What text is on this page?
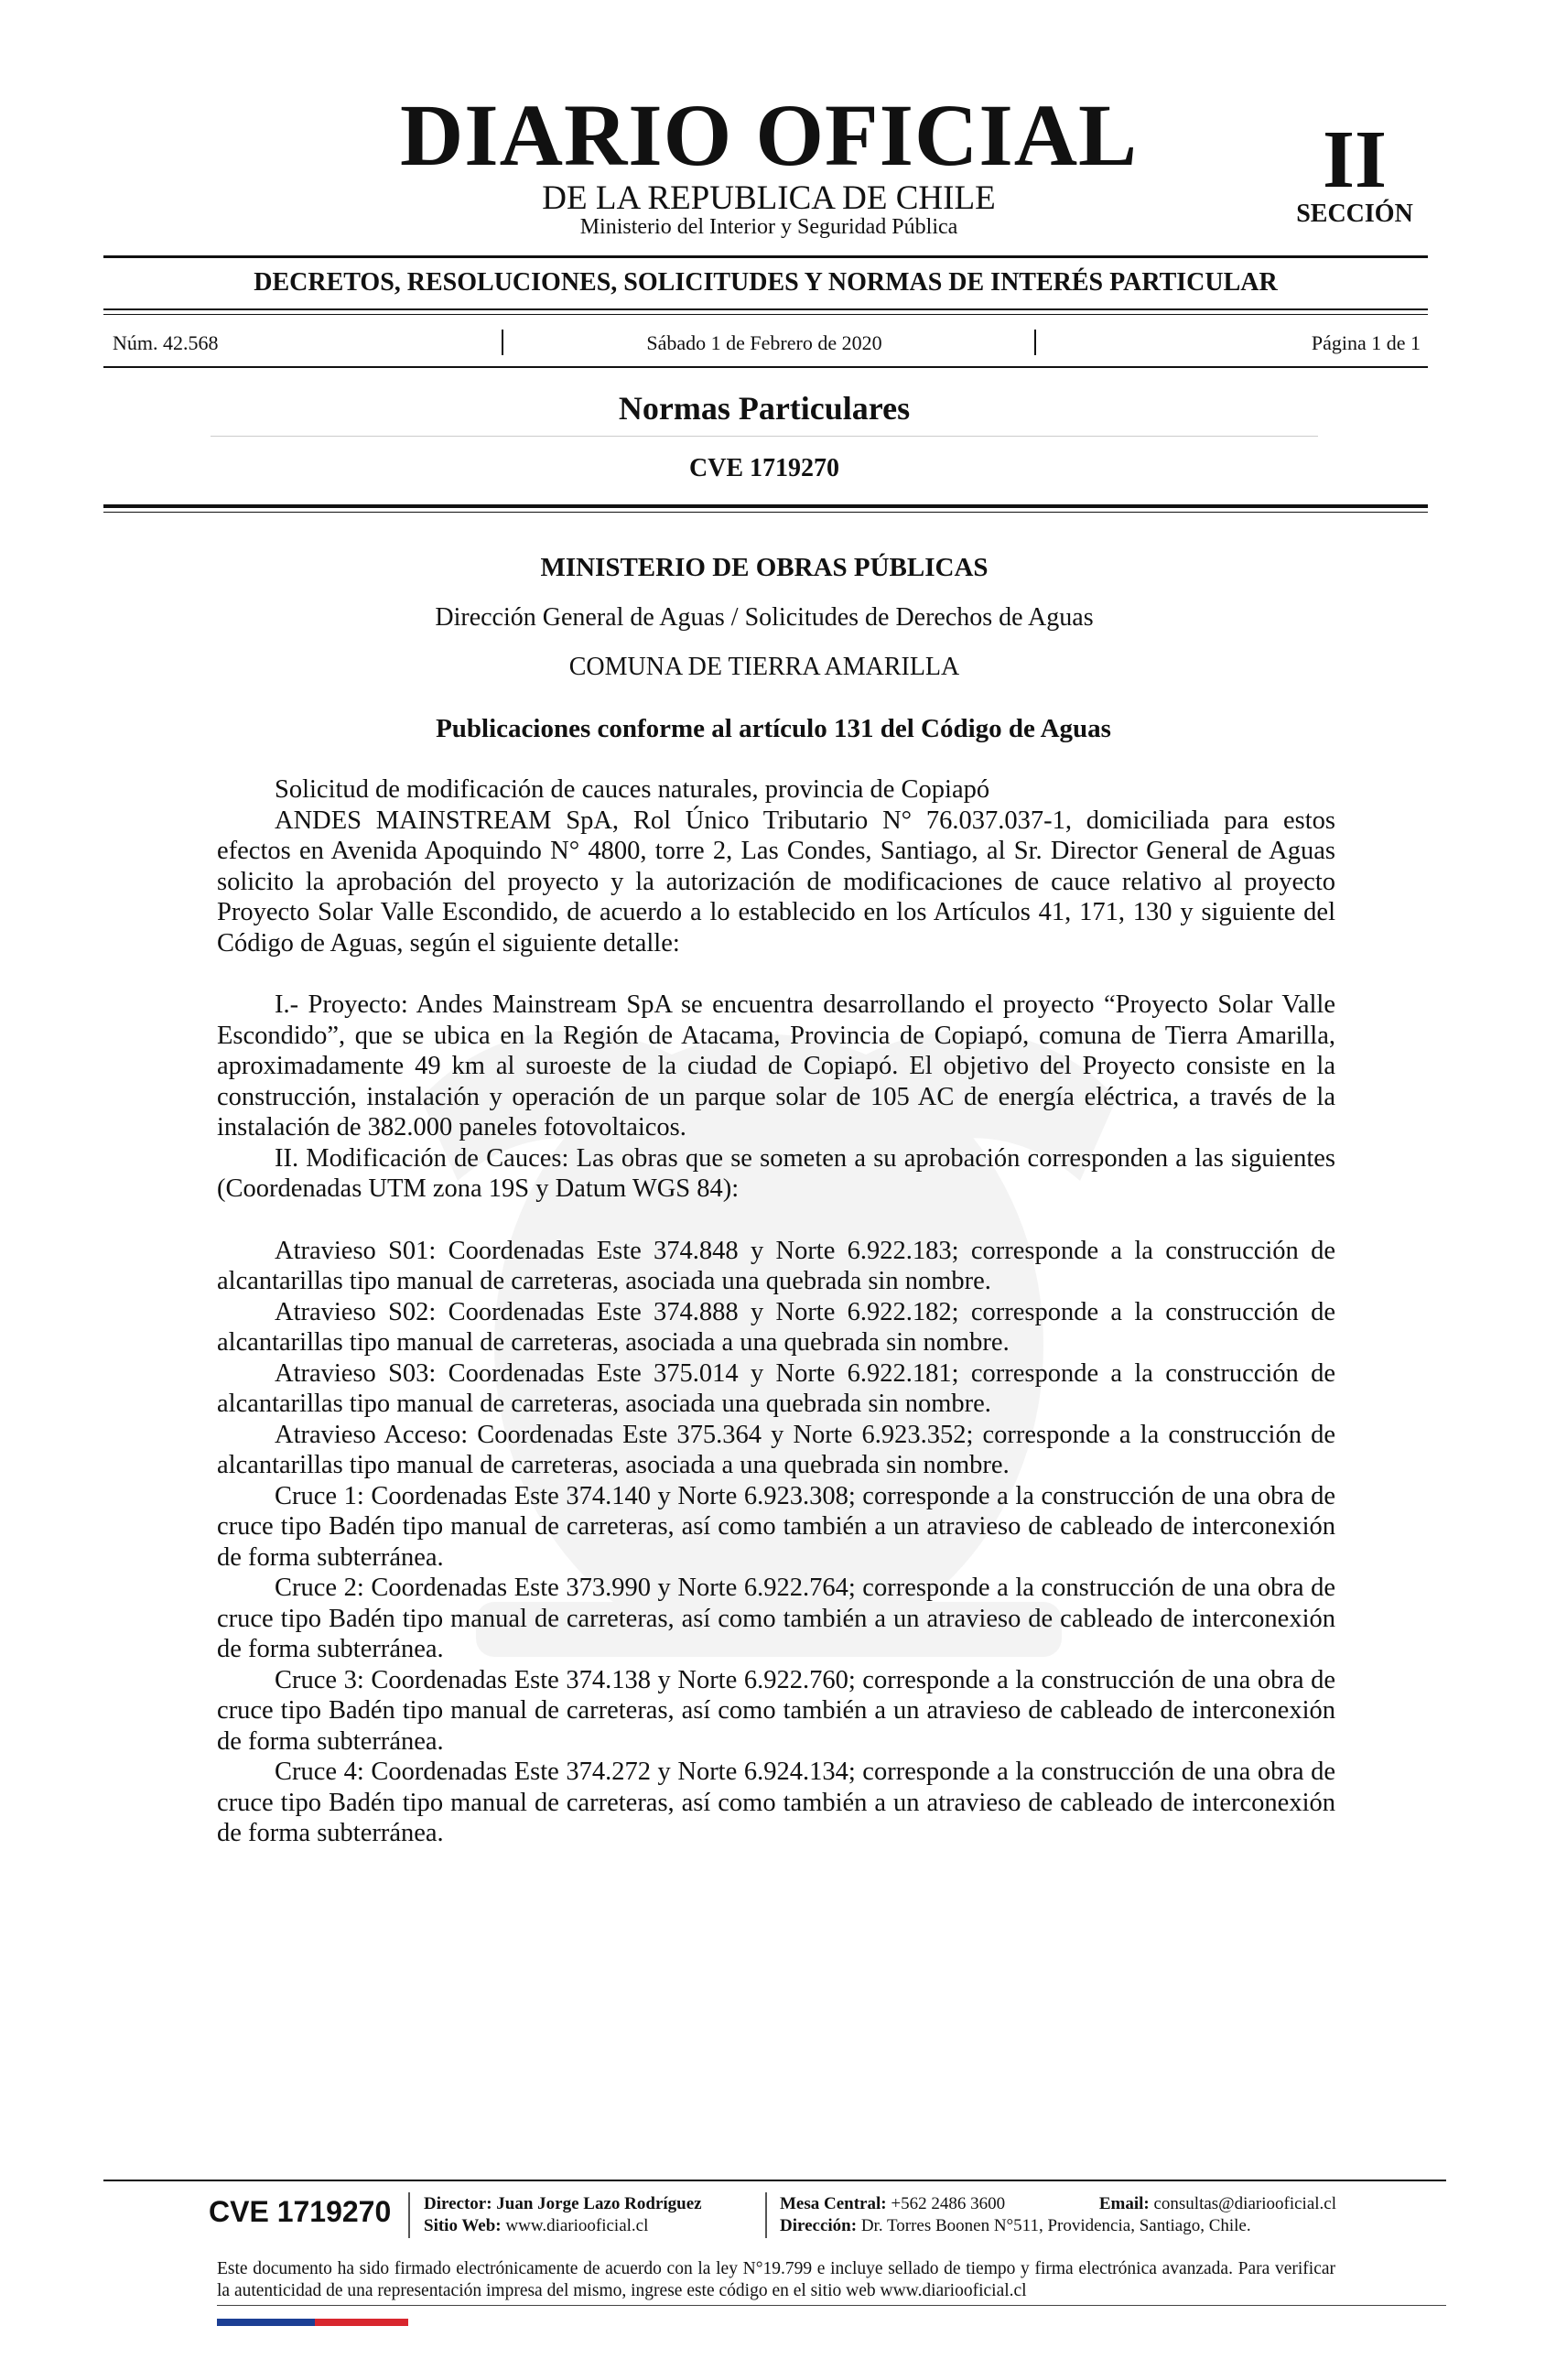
DIARIO OFICIAL
DE LA REPUBLICA DE CHILE
Ministerio del Interior y Seguridad Pública
II
SECCIÓN
DECRETOS, RESOLUCIONES, SOLICITUDES Y NORMAS DE INTERÉS PARTICULAR
Núm. 42.568	Sábado 1 de Febrero de 2020	Página 1 de 1
Normas Particulares
CVE 1719270
MINISTERIO DE OBRAS PÚBLICAS
Dirección General de Aguas / Solicitudes de Derechos de Aguas
COMUNA DE TIERRA AMARILLA
Publicaciones conforme al artículo 131 del Código de Aguas

Solicitud de modificación de cauces naturales, provincia de Copiapó

ANDES MAINSTREAM SpA, Rol Único Tributario N° 76.037.037-1, domiciliada para estos efectos en Avenida Apoquindo N° 4800, torre 2, Las Condes, Santiago, al Sr. Director General de Aguas solicito la aprobación del proyecto y la autorización de modificaciones de cauce relativo al proyecto Proyecto Solar Valle Escondido, de acuerdo a lo establecido en los Artículos 41, 171, 130 y siguiente del Código de Aguas, según el siguiente detalle:

I.- Proyecto: Andes Mainstream SpA se encuentra desarrollando el proyecto “Proyecto Solar Valle Escondido”, que se ubica en la Región de Atacama, Provincia de Copiapó, comuna de Tierra Amarilla, aproximadamente 49 km al suroeste de la ciudad de Copiapó. El objetivo del Proyecto consiste en la construcción, instalación y operación de un parque solar de 105 AC de energía eléctrica, a través de la instalación de 382.000 paneles fotovoltaicos.

II. Modificación de Cauces: Las obras que se someten a su aprobación corresponden a las siguientes (Coordenadas UTM zona 19S y Datum WGS 84):

Atravieso S01: Coordenadas Este 374.848 y Norte 6.922.183; corresponde a la construcción de alcantarillas tipo manual de carreteras, asociada una quebrada sin nombre.

Atravieso S02: Coordenadas Este 374.888 y Norte 6.922.182; corresponde a la construcción de alcantarillas tipo manual de carreteras, asociada a una quebrada sin nombre.

Atravieso S03: Coordenadas Este 375.014 y Norte 6.922.181; corresponde a la construcción de alcantarillas tipo manual de carreteras, asociada una quebrada sin nombre.

Atravieso Acceso: Coordenadas Este 375.364 y Norte 6.923.352; corresponde a la construcción de alcantarillas tipo manual de carreteras, asociada a una quebrada sin nombre.

Cruce 1: Coordenadas Este 374.140 y Norte 6.923.308; corresponde a la construcción de una obra de cruce tipo Badén tipo manual de carreteras, así como también a un atravieso de cableado de interconexión de forma subterránea.

Cruce 2: Coordenadas Este 373.990 y Norte 6.922.764; corresponde a la construcción de una obra de cruce tipo Badén tipo manual de carreteras, así como también a un atravieso de cableado de interconexión de forma subterránea.

Cruce 3: Coordenadas Este 374.138 y Norte 6.922.760; corresponde a la construcción de una obra de cruce tipo Badén tipo manual de carreteras, así como también a un atravieso de cableado de interconexión de forma subterránea.

Cruce 4: Coordenadas Este 374.272 y Norte 6.924.134; corresponde a la construcción de una obra de cruce tipo Badén tipo manual de carreteras, así como también a un atravieso de cableado de interconexión de forma subterránea.

CVE 1719270 Director: Juan Jorge Lazo Rodríguez
Sitio Web: www.diariooficial.cl
Mesa Central: +562 2486 3600	Email: consultas@diariooficial.cl
Dirección: Dr. Torres Boonen N°511, Providencia, Santiago, Chile.
Este documento ha sido firmado electrónicamente de acuerdo con la ley N°19.799 e incluye sellado de tiempo y firma electrónica avanzada. Para verificar la autenticidad de una representación impresa del mismo, ingrese este código en el sitio web www.diariooficial.cl
